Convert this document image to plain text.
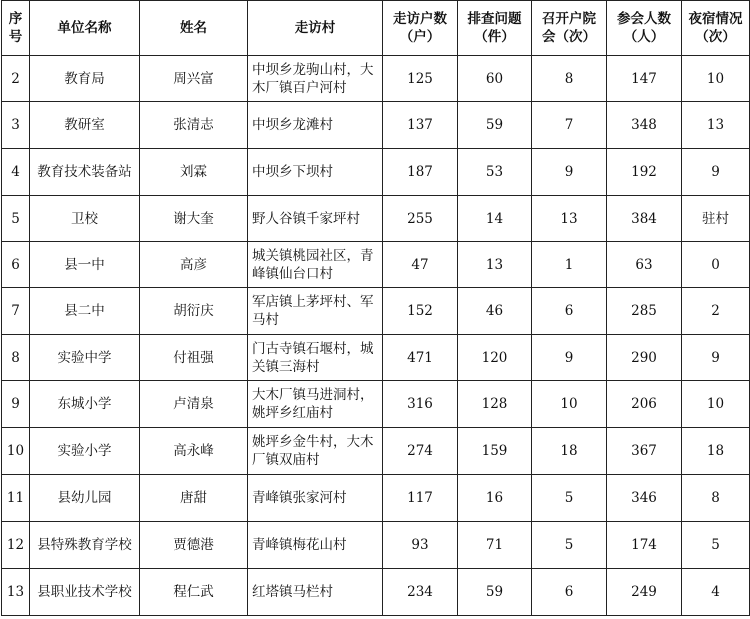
序号	单位名称	姓名	走访村	走访户数（户）	排查问题（件）	召开户院会（次）	参会人数（人）	夜宿情况（次）
2	教育局	周兴富	中坝乡龙驹山村，大木厂镇百户河村	125	60	8	147	10
3	教研室	张清志	中坝乡龙滩村	137	59	7	348	13
4	教育技术装备站	刘霖	中坝乡下坝村	187	53	9	192	9
5	卫校	谢大奎	野人谷镇千家坪村	255	14	13	384	驻村
6	县一中	高彦	城关镇桃园社区，青峰镇仙台口村	47	13	1	63	0
7	县二中	胡衍庆	军店镇上茅坪村、军马村	152	46	6	285	2
8	实验中学	付祖强	门古寺镇石堰村，城关镇三海村	471	120	9	290	9
9	东城小学	卢清泉	大木厂镇马进洞村，姚坪乡红庙村	316	128	10	206	10
10	实验小学	高永峰	姚坪乡金牛村，大木厂镇双庙村	274	159	18	367	18
11	县幼儿园	唐甜	青峰镇张家河村	117	16	5	346	8
12	县特殊教育学校	贾德港	青峰镇梅花山村	93	71	5	174	5
13	县职业技术学校	程仁武	红塔镇马栏村	234	59	6	249	4
